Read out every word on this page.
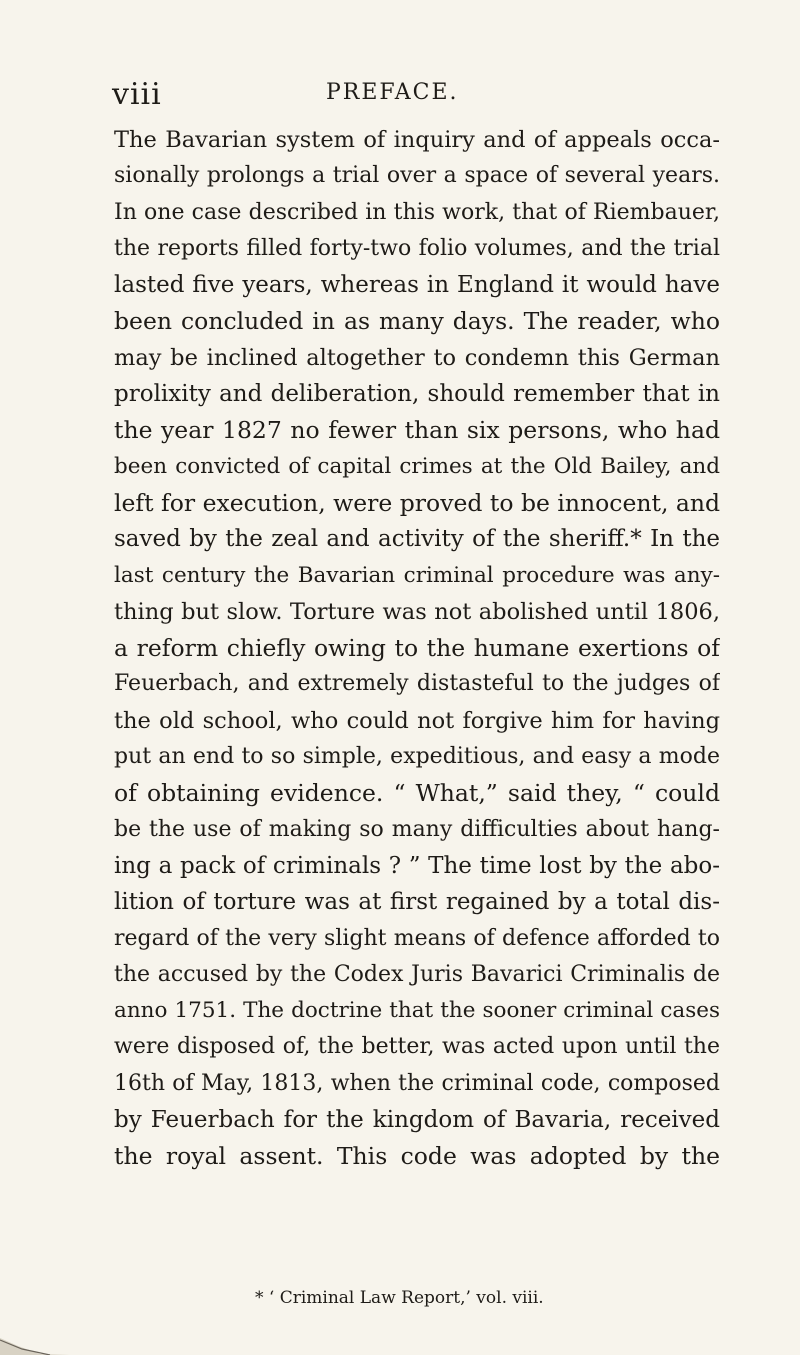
viii	PREFACE.
The Bavarian system of inquiry and of appeals occa-
sionally prolongs a trial over a space of several years.
In one case described in this work, that of Riembauer,
the reports filled forty-two folio volumes, and the trial
lasted five years, whereas in England it would have
been concluded in as many days. The reader, who
may be inclined altogether to condemn this German
prolixity and deliberation, should remember that in
the year 1827 no fewer than six persons, who had
been convicted of capital crimes at the Old Bailey, and
left for execution, were proved to be innocent, and
saved by the zeal and activity of the sheriff.* In the
last century the Bavarian criminal procedure was any-
thing but slow. Torture was not abolished until 1806,
a reform chiefly owing to the humane exertions of
Feuerbach, and extremely distasteful to the judges of
the old school, who could not forgive him for having
put an end to so simple, expeditious, and easy a mode
of obtaining evidence. “ What,” said they, “ could
be the use of making so many difficulties about hang-
ing a pack of criminals ? ” The time lost by the abo-
lition of torture was at first regained by a total dis-
regard of the very slight means of defence afforded to
the accused by the Codex Juris Bavarici Criminalis de
anno 1751. The doctrine that the sooner criminal cases
were disposed of, the better, was acted upon until the
16th of May, 1813, when the criminal code, composed
by Feuerbach for the kingdom of Bavaria, received
the royal assent. This code was adopted by the
* ‘ Criminal Law Report,’ vol. viii.
